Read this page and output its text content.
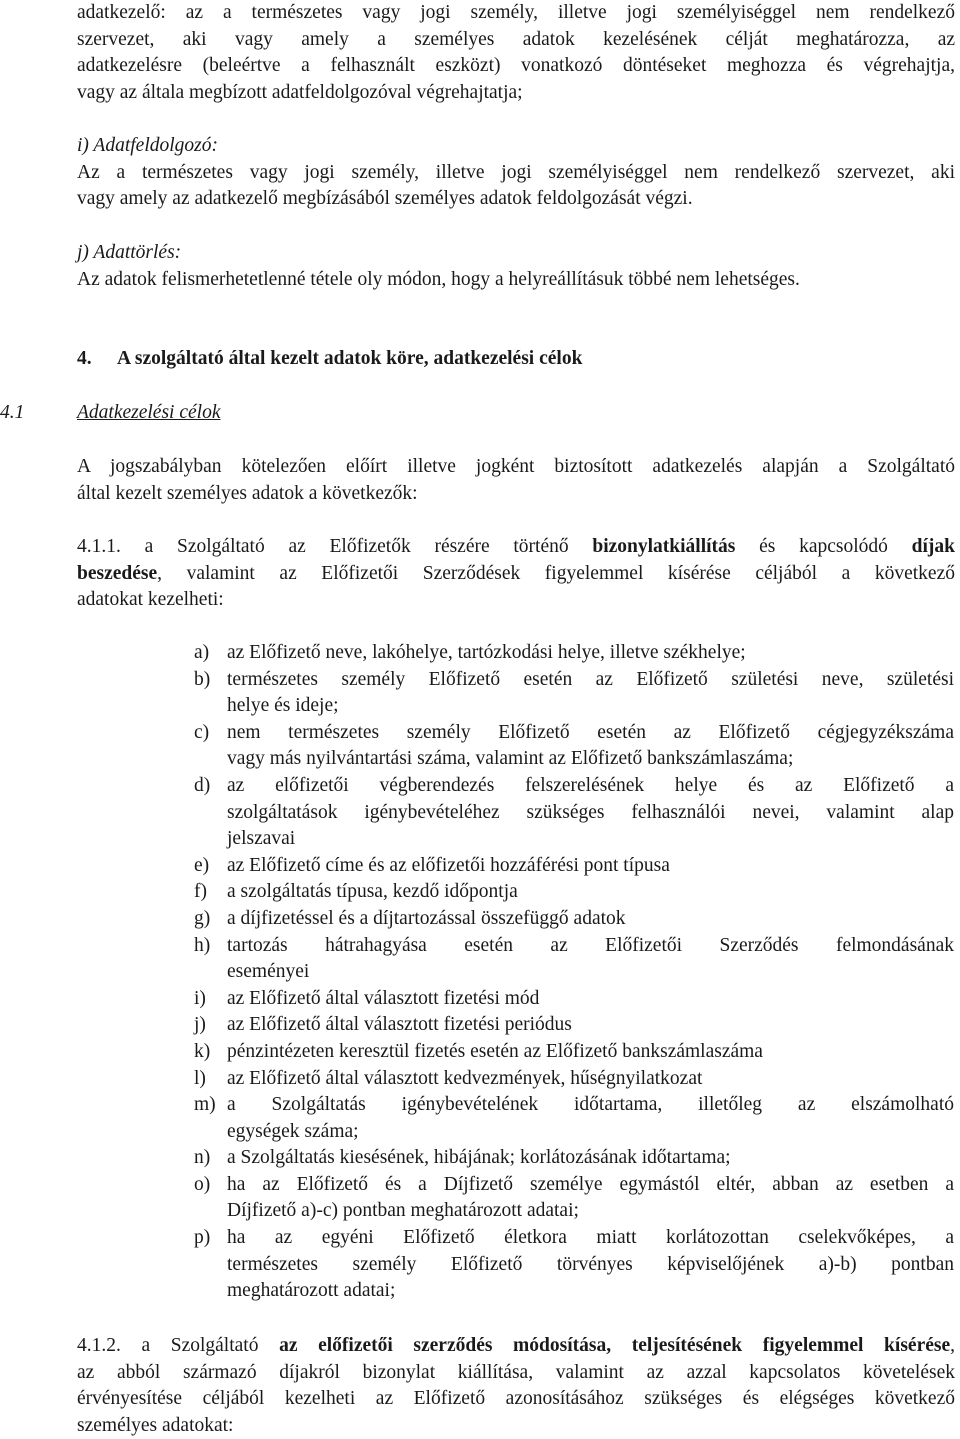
adatkezelő: az a természetes vagy jogi személy, illetve jogi személyiséggel nem rendelkező
szervezet, aki vagy amely a személyes adatok kezelésének célját meghatározza, az
adatkezelésre (beleértve a felhasznált eszközt) vonatkozó döntéseket meghozza és végrehajtja,
vagy az általa megbízott adatfeldolgozóval végrehajtatja;
i) Adatfeldolgozó:
Az a természetes vagy jogi személy, illetve jogi személyiséggel nem rendelkező szervezet, aki
vagy amely az adatkezelő megbízásából személyes adatok feldolgozását végzi.
j) Adattörlés:
Az adatok felismerhetetlenné tétele oly módon, hogy a helyreállításuk többé nem lehetséges.
4. A szolgáltató által kezelt adatok köre, adatkezelési célok
4.1	Adatkezelési célok
A jogszabályban kötelezően előírt illetve jogként biztosított adatkezelés alapján a Szolgáltató
által kezelt személyes adatok a következők:
4.1.1. a Szolgáltató az Előfizetők részére történő bizonylatkiállítás és kapcsolódó díjak
beszedése, valamint az Előfizetői Szerződések figyelemmel kísérése céljából a következő
adatokat kezelheti:
a) az Előfizető neve, lakóhelye, tartózkodási helye, illetve székhelye;
b) természetes személy Előfizető esetén az Előfizető születési neve, születési
helye és ideje;
c) nem természetes személy Előfizető esetén az Előfizető cégjegyzékszáma
vagy más nyilvántartási száma, valamint az Előfizető bankszámlaszáma;
d) az előfizetői végberendezés felszerelésének helye és az Előfizető a
szolgáltatások igénybevételéhez szükséges felhasználói nevei, valamint alap
jelszavai
e) az Előfizető címe és az előfizetői hozzáférési pont típusa
f) a szolgáltatás típusa, kezdő időpontja
g) a díjfizetéssel és a díjtartozással összefüggő adatok
h) tartozás hátrahagyása esetén az Előfizetői Szerződés felmondásának
eseményei
i) az Előfizető által választott fizetési mód
j) az Előfizető által választott fizetési periódus
k) pénzintézeten keresztül fizetés esetén az Előfizető bankszámlaszáma
l) az Előfizető által választott kedvezmények, hűségnyilatkozat
m) a Szolgáltatás igénybevételének időtartama, illetőleg az elszámolható
egységek száma;
n) a Szolgáltatás kiesésének, hibájának; korlátozásának időtartama;
o) ha az Előfizető és a Díjfizető személye egymástól eltér, abban az esetben a
Díjfizető a)-c) pontban meghatározott adatai;
p) ha az egyéni Előfizető életkora miatt korlátozottan cselekvőképes, a
természetes személy Előfizető törvényes képviselőjének a)-b) pontban
meghatározott adatai;
4.1.2. a Szolgáltató az előfizetői szerződés módosítása, teljesítésének figyelemmel kísérése,
az abból származó díjakról bizonylat kiállítása, valamint az azzal kapcsolatos követelések
érvényesítése céljából kezelheti az Előfizető azonosításához szükséges és elégséges következő
személyes adatokat:
